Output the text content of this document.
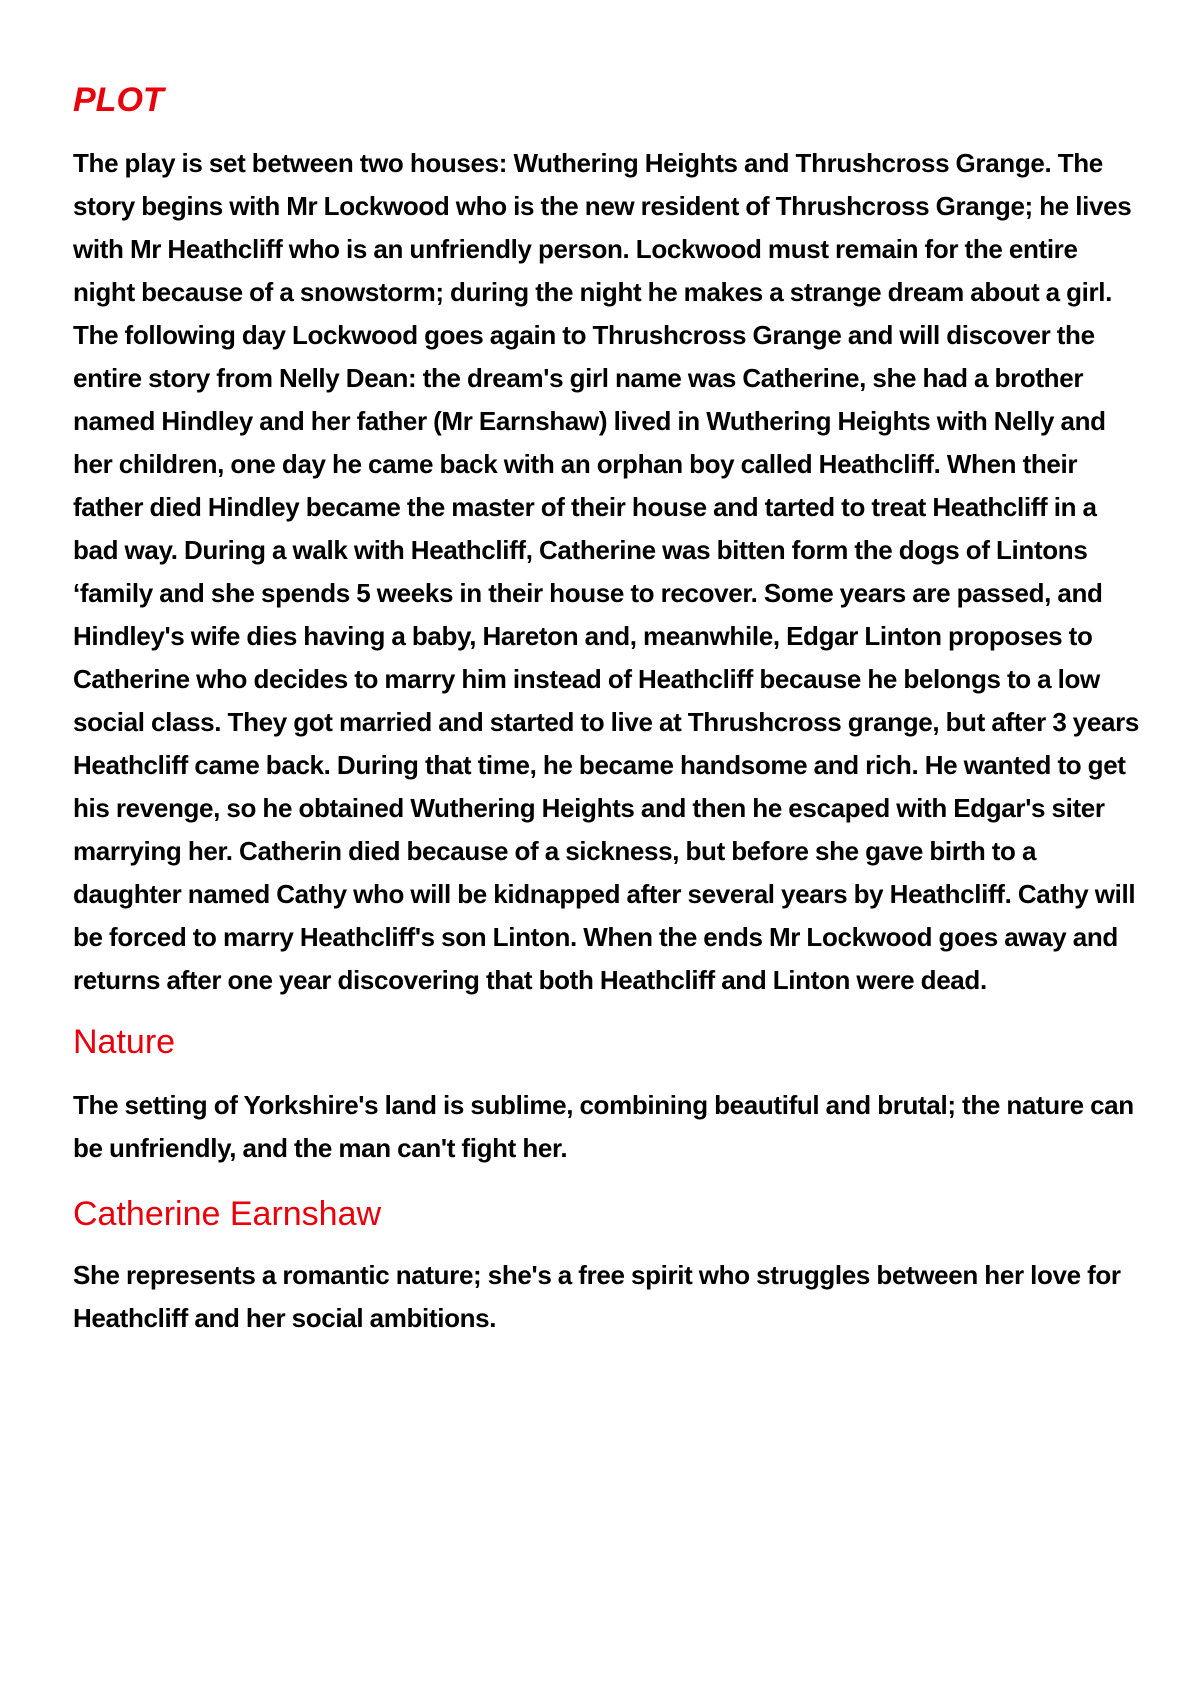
PLOT

The play is set between two houses: Wuthering Heights and Thrushcross Grange. The story begins with Mr Lockwood who is the new resident of Thrushcross Grange; he lives with Mr Heathcliff who is an unfriendly person. Lockwood must remain for the entire night because of a snowstorm; during the night he makes a strange dream about a girl. The following day Lockwood goes again to Thrushcross Grange and will discover the entire story from Nelly Dean: the dream's girl name was Catherine, she had a brother named Hindley and her father (Mr Earnshaw) lived in Wuthering Heights with Nelly and her children, one day he came back with an orphan boy called Heathcliff. When their father died Hindley became the master of their house and tarted to treat Heathcliff in a bad way. During a walk with Heathcliff, Catherine was bitten form the dogs of Lintons ‘family and she spends 5 weeks in their house to recover. Some years are passed, and Hindley's wife dies having a baby, Hareton and, meanwhile, Edgar Linton proposes to Catherine who decides to marry him instead of Heathcliff because he belongs to a low social class. They got married and started to live at Thrushcross grange, but after 3 years Heathcliff came back. During that time, he became handsome and rich. He wanted to get his revenge, so he obtained Wuthering Heights and then he escaped with Edgar's siter marrying her. Catherin died because of a sickness, but before she gave birth to a daughter named Cathy who will be kidnapped after several years by Heathcliff. Cathy will be forced to marry Heathcliff's son Linton. When the ends Mr Lockwood goes away and returns after one year discovering that both Heathcliff and Linton were dead.

Nature

The setting of Yorkshire's land is sublime, combining beautiful and brutal; the nature can be unfriendly, and the man can't fight her.

Catherine Earnshaw

She represents a romantic nature; she's a free spirit who struggles between her love for Heathcliff and her social ambitions.
